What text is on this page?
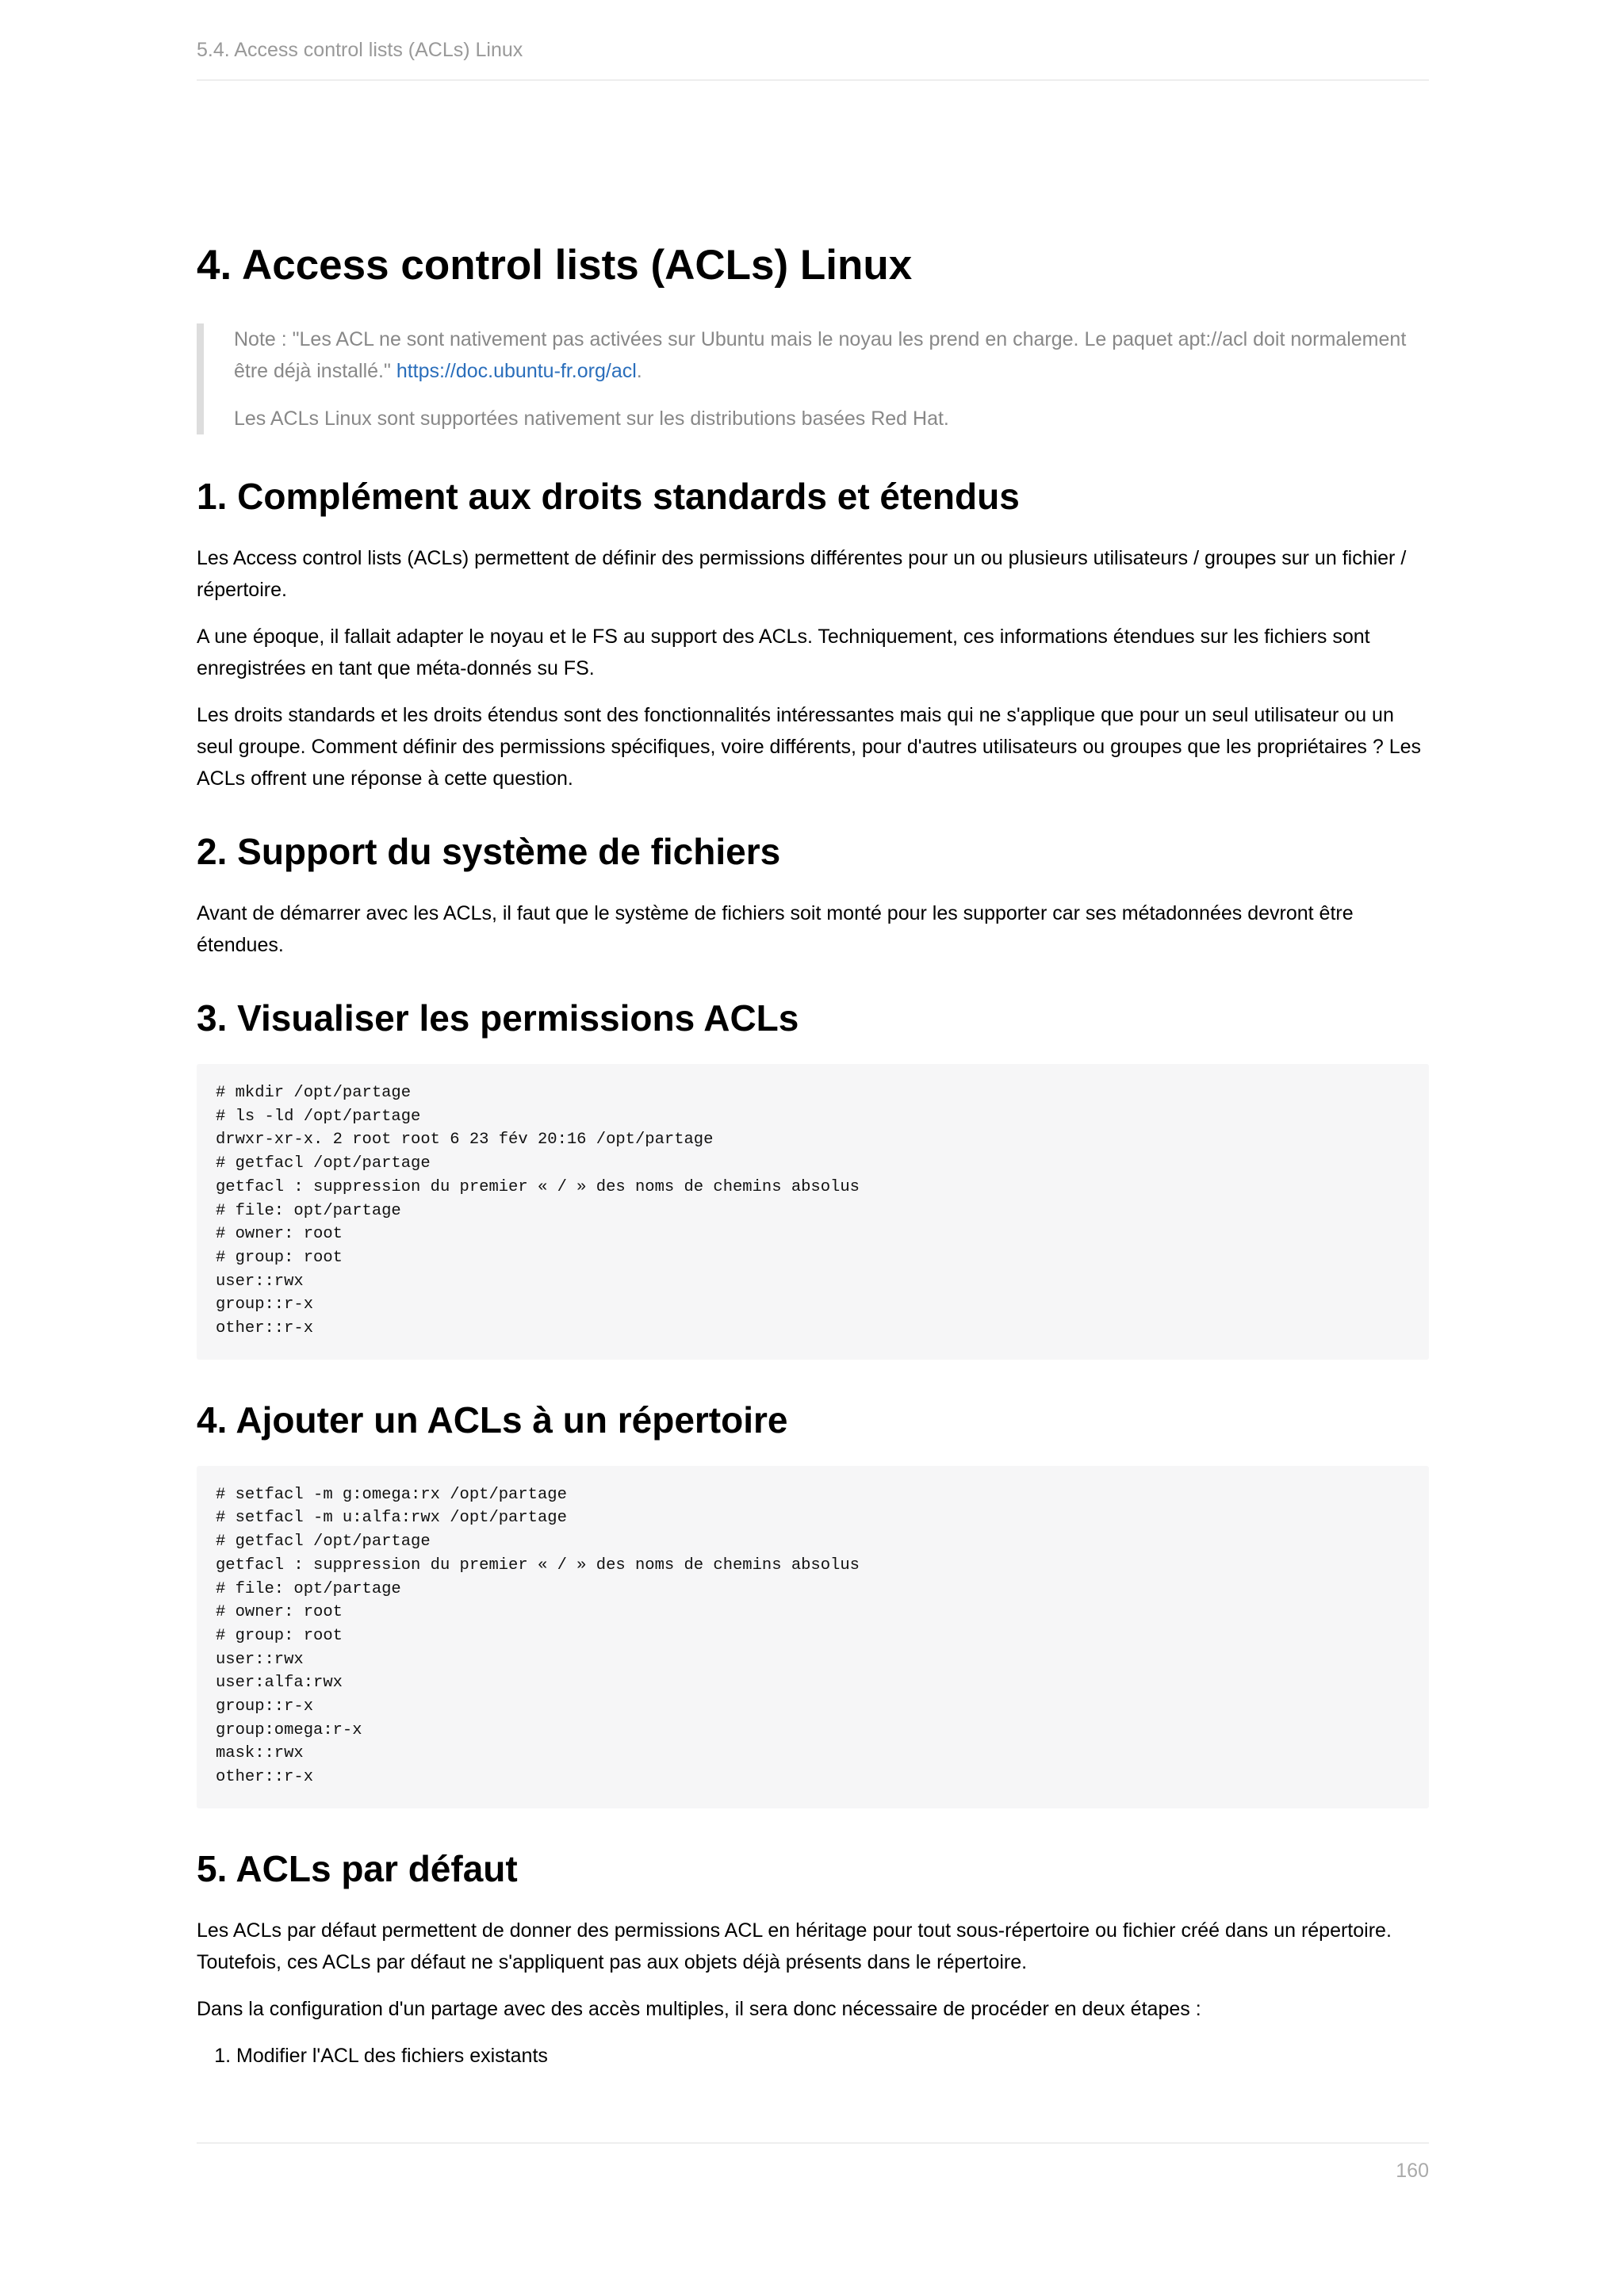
5.4. Access control lists (ACLs) Linux
4. Access control lists (ACLs) Linux

Note : "Les ACL ne sont nativement pas activées sur Ubuntu mais le noyau les prend en charge. Le paquet apt://acl doit normalement être déjà installé." https://doc.ubuntu-fr.org/acl.

Les ACLs Linux sont supportées nativement sur les distributions basées Red Hat.

1. Complément aux droits standards et étendus

Les Access control lists (ACLs) permettent de définir des permissions différentes pour un ou plusieurs utilisateurs / groupes sur un fichier / répertoire.

A une époque, il fallait adapter le noyau et le FS au support des ACLs. Techniquement, ces informations étendues sur les fichiers sont enregistrées en tant que méta-donnés su FS.

Les droits standards et les droits étendus sont des fonctionnalités intéressantes mais qui ne s'applique que pour un seul utilisateur ou un seul groupe. Comment définir des permissions spécifiques, voire différents, pour d'autres utilisateurs ou groupes que les propriétaires ? Les ACLs offrent une réponse à cette question.

2. Support du système de fichiers

Avant de démarrer avec les ACLs, il faut que le système de fichiers soit monté pour les supporter car ses métadonnées devront être étendues.

3. Visualiser les permissions ACLs
# mkdir /opt/partage
# ls -ld /opt/partage
drwxr-xr-x. 2 root root 6 23 fév 20:16 /opt/partage
# getfacl /opt/partage
getfacl : suppression du premier « / » des noms de chemins absolus
# file: opt/partage
# owner: root
# group: root
user::rwx
group::r-x
other::r-x
4. Ajouter un ACLs à un répertoire
# setfacl -m g:omega:rx /opt/partage
# setfacl -m u:alfa:rwx /opt/partage
# getfacl /opt/partage
getfacl : suppression du premier « / » des noms de chemins absolus
# file: opt/partage
# owner: root
# group: root
user::rwx
user:alfa:rwx
group::r-x
group:omega:r-x
mask::rwx
other::r-x
5. ACLs par défaut

Les ACLs par défaut permettent de donner des permissions ACL en héritage pour tout sous-répertoire ou fichier créé dans un répertoire. Toutefois, ces ACLs par défaut ne s'appliquent pas aux objets déjà présents dans le répertoire.

Dans la configuration d'un partage avec des accès multiples, il sera donc nécessaire de procéder en deux étapes :

1. Modifier l'ACL des fichiers existants
160
